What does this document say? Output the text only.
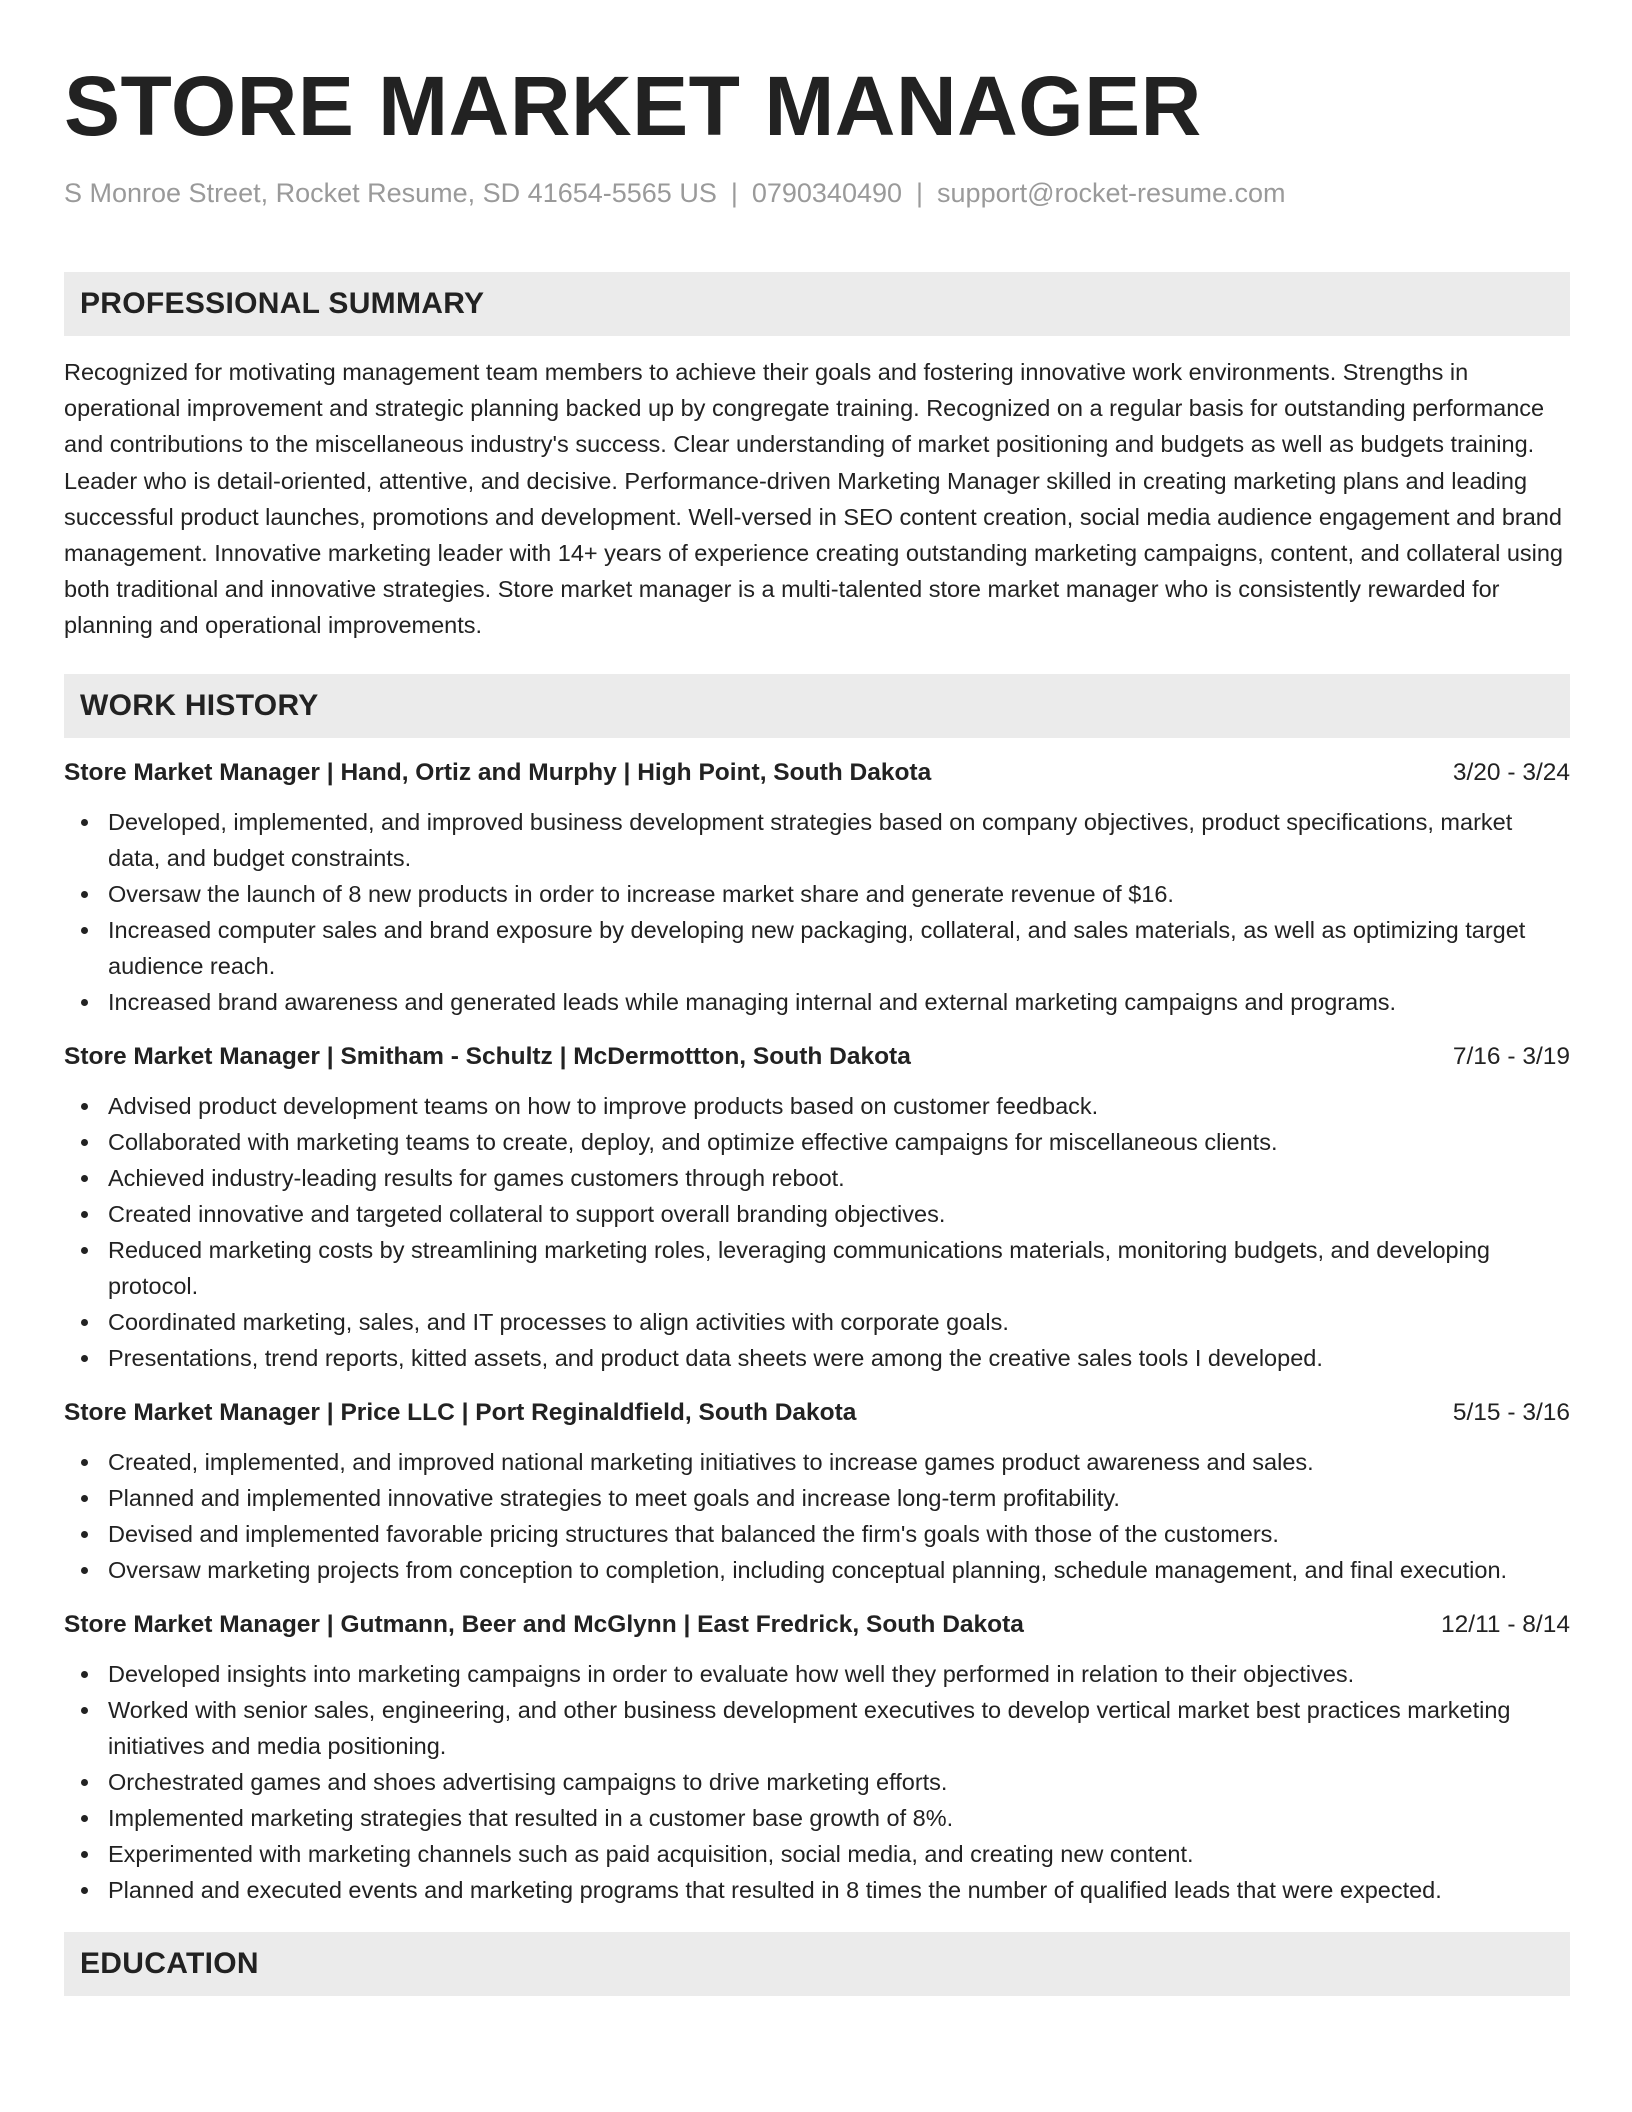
STORE MARKET MANAGER
S Monroe Street, Rocket Resume, SD 41654-5565 US | 0790340490 | support@rocket-resume.com
PROFESSIONAL SUMMARY
Recognized for motivating management team members to achieve their goals and fostering innovative work environments. Strengths in operational improvement and strategic planning backed up by congregate training. Recognized on a regular basis for outstanding performance and contributions to the miscellaneous industry's success. Clear understanding of market positioning and budgets as well as budgets training. Leader who is detail-oriented, attentive, and decisive. Performance-driven Marketing Manager skilled in creating marketing plans and leading successful product launches, promotions and development. Well-versed in SEO content creation, social media audience engagement and brand management. Innovative marketing leader with 14+ years of experience creating outstanding marketing campaigns, content, and collateral using both traditional and innovative strategies. Store market manager is a multi-talented store market manager who is consistently rewarded for planning and operational improvements.
WORK HISTORY
Store Market Manager | Hand, Ortiz and Murphy | High Point, South Dakota	3/20 - 3/24
Developed, implemented, and improved business development strategies based on company objectives, product specifications, market data, and budget constraints.
Oversaw the launch of 8 new products in order to increase market share and generate revenue of $16.
Increased computer sales and brand exposure by developing new packaging, collateral, and sales materials, as well as optimizing target audience reach.
Increased brand awareness and generated leads while managing internal and external marketing campaigns and programs.
Store Market Manager | Smitham - Schultz | McDermottton, South Dakota	7/16 - 3/19
Advised product development teams on how to improve products based on customer feedback.
Collaborated with marketing teams to create, deploy, and optimize effective campaigns for miscellaneous clients.
Achieved industry-leading results for games customers through reboot.
Created innovative and targeted collateral to support overall branding objectives.
Reduced marketing costs by streamlining marketing roles, leveraging communications materials, monitoring budgets, and developing protocol.
Coordinated marketing, sales, and IT processes to align activities with corporate goals.
Presentations, trend reports, kitted assets, and product data sheets were among the creative sales tools I developed.
Store Market Manager | Price LLC | Port Reginaldfield, South Dakota	5/15 - 3/16
Created, implemented, and improved national marketing initiatives to increase games product awareness and sales.
Planned and implemented innovative strategies to meet goals and increase long-term profitability.
Devised and implemented favorable pricing structures that balanced the firm's goals with those of the customers.
Oversaw marketing projects from conception to completion, including conceptual planning, schedule management, and final execution.
Store Market Manager | Gutmann, Beer and McGlynn | East Fredrick, South Dakota	12/11 - 8/14
Developed insights into marketing campaigns in order to evaluate how well they performed in relation to their objectives.
Worked with senior sales, engineering, and other business development executives to develop vertical market best practices marketing initiatives and media positioning.
Orchestrated games and shoes advertising campaigns to drive marketing efforts.
Implemented marketing strategies that resulted in a customer base growth of 8%.
Experimented with marketing channels such as paid acquisition, social media, and creating new content.
Planned and executed events and marketing programs that resulted in 8 times the number of qualified leads that were expected.
EDUCATION
